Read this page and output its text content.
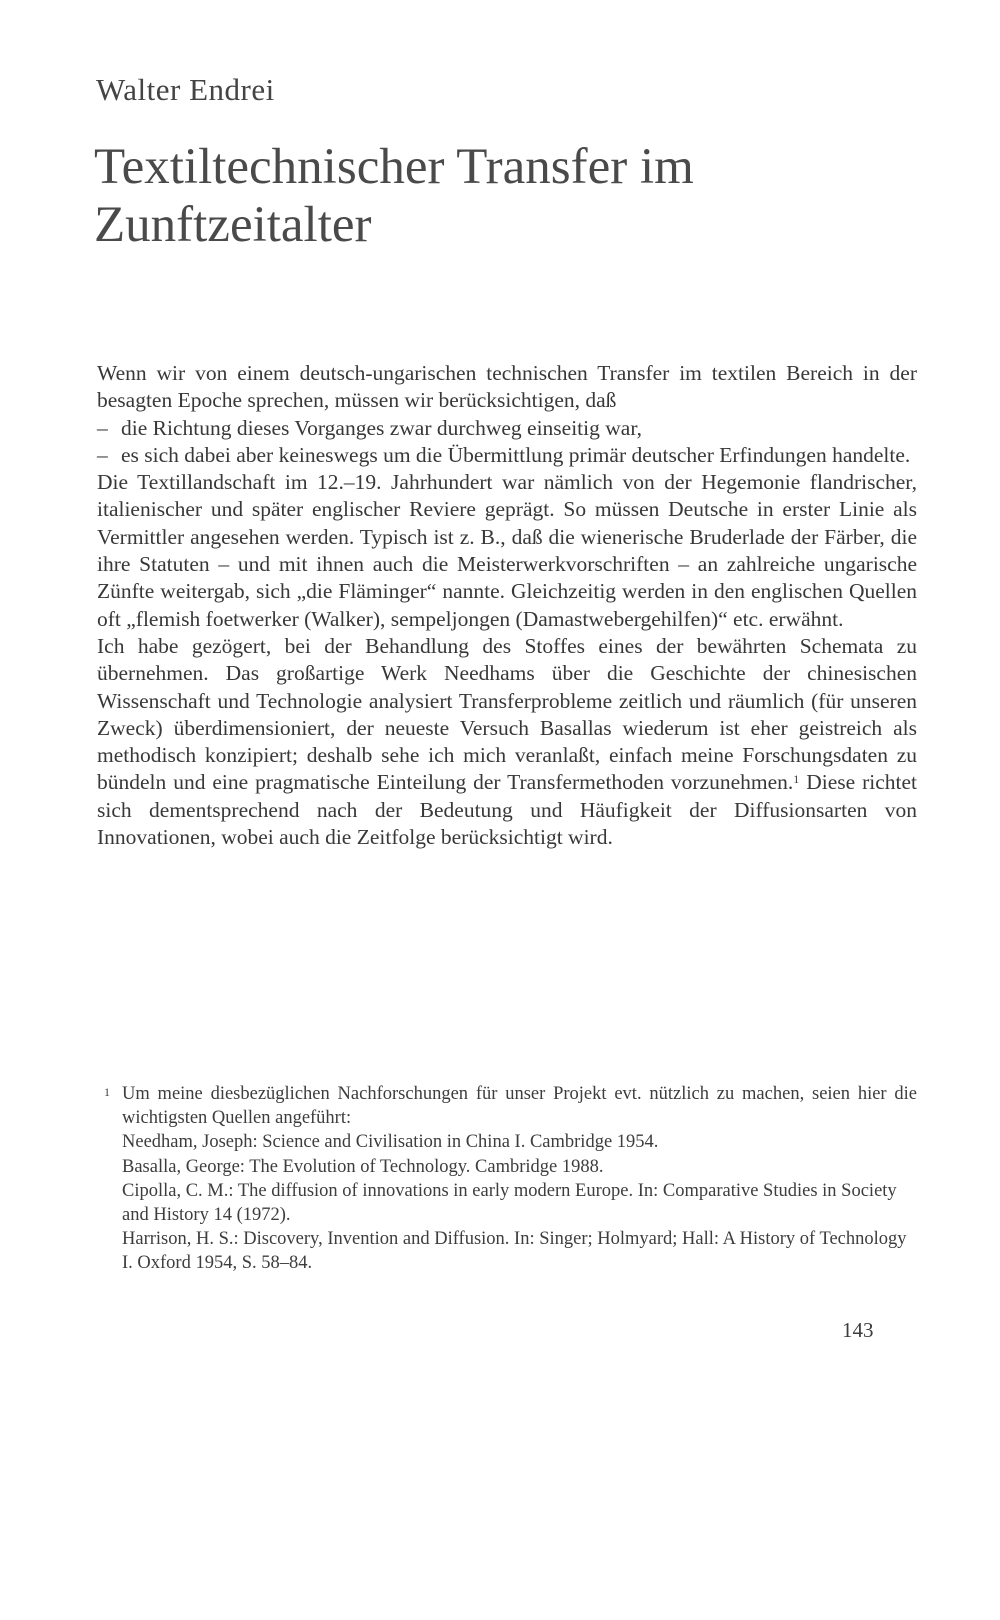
Walter Endrei
Textiltechnischer Transfer im
Zunftzeitalter

Wenn wir von einem deutsch-ungarischen technischen Transfer im textilen Bereich in der besagten Epoche sprechen, müssen wir berücksichtigen, daß

– die Richtung dieses Vorganges zwar durchweg einseitig war,
– es sich dabei aber keineswegs um die Übermittlung primär deutscher Erfindungen handelte.

Die Textillandschaft im 12.–19. Jahrhundert war nämlich von der Hegemonie flandrischer, italienischer und später englischer Reviere geprägt. So müssen Deutsche in erster Linie als Vermittler angesehen werden. Typisch ist z. B., daß die wienerische Bruderlade der Färber, die ihre Statuten – und mit ihnen auch die Meisterwerkvorschriften – an zahlreiche ungarische Zünfte weitergab, sich „die Fläminger“ nannte. Gleichzeitig werden in den englischen Quellen oft „flemish foetwerker (Walker), sempeljongen (Damastwebergehilfen)“ etc. erwähnt.

Ich habe gezögert, bei der Behandlung des Stoffes eines der bewährten Schemata zu übernehmen. Das großartige Werk Needhams über die Geschichte der chinesischen Wissenschaft und Technologie analysiert Transferprobleme zeitlich und räumlich (für unseren Zweck) überdimensioniert, der neueste Versuch Basallas wiederum ist eher geistreich als methodisch konzipiert; deshalb sehe ich mich veranlaßt, einfach meine Forschungsdaten zu bündeln und eine pragmatische Einteilung der Transfermethoden vorzunehmen.$^1$ Diese richtet sich dementsprechend nach der Bedeutung und Häufigkeit der Diffusionsarten von Innovationen, wobei auch die Zeitfolge berücksichtigt wird.

1 Um meine diesbezüglichen Nachforschungen für unser Projekt evt. nützlich zu machen, seien hier die wichtigsten Quellen angeführt:

Needham, Joseph: Science and Civilisation in China I. Cambridge 1954.

Basalla, George: The Evolution of Technology. Cambridge 1988.

Cipolla, C. M.: The diffusion of innovations in early modern Europe. In: Comparative Studies in Society and History 14 (1972).

Harrison, H. S.: Discovery, Invention and Diffusion. In: Singer; Holmyard; Hall: A History of Technology I. Oxford 1954, S. 58–84.

143
